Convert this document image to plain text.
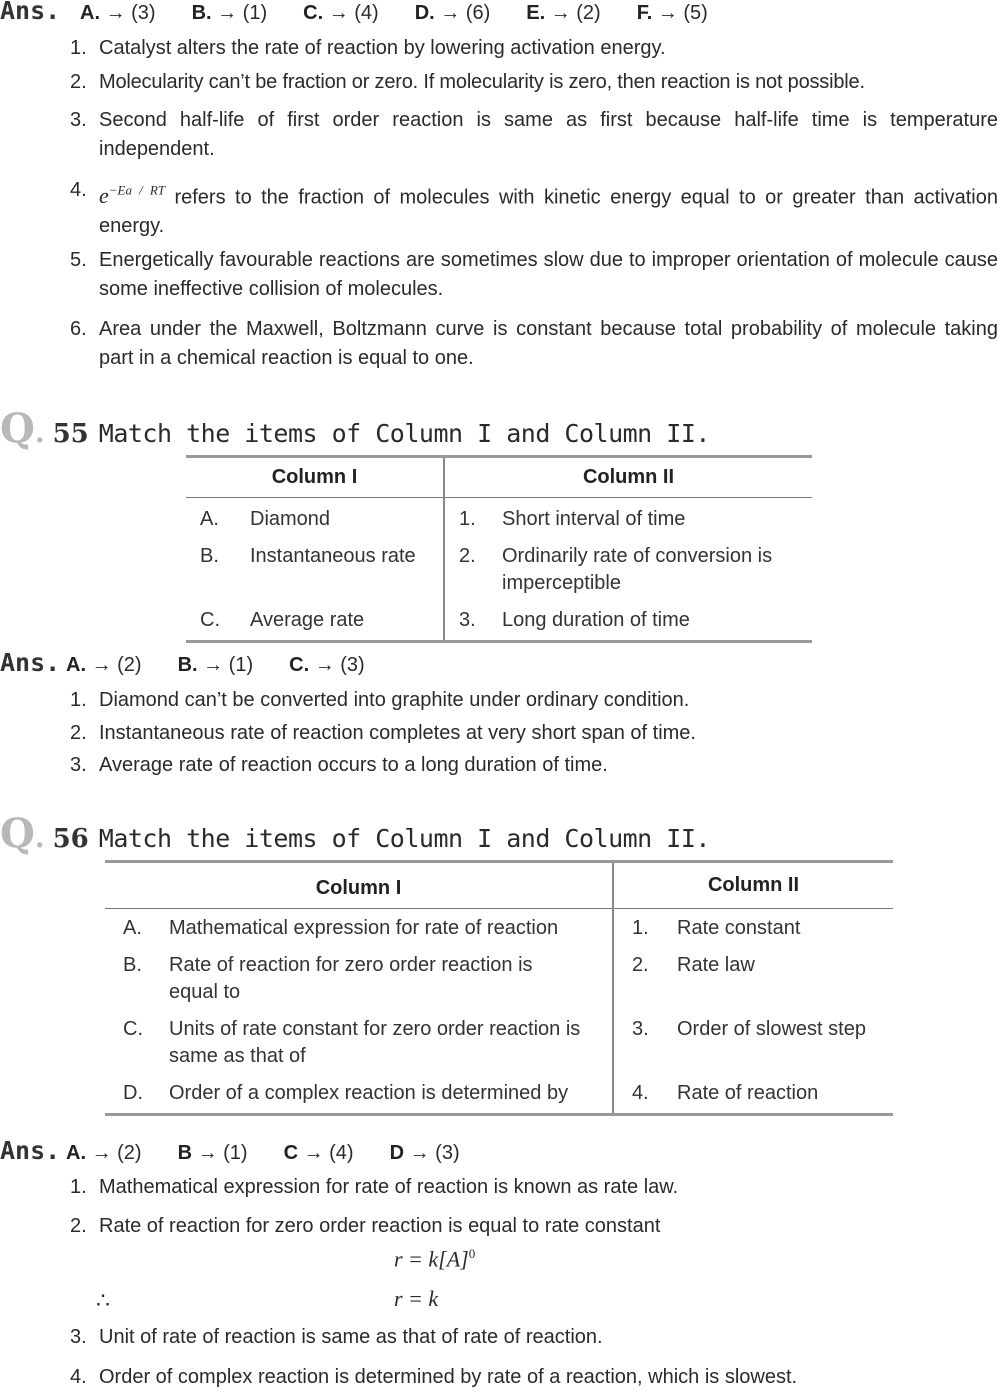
Ans. A. → (3) B. → (1) C. → (4) D. → (6) E. → (2) F. → (5)
1. Catalyst alters the rate of reaction by lowering activation energy.
2. Molecularity can’t be fraction or zero. If molecularity is zero, then reaction is not possible.
3. Second half-life of first order reaction is same as first because half-life time is temperature independent.
4. $e^{-Ea / RT}$ refers to the fraction of molecules with kinetic energy equal to or greater than activation energy.
5. Energetically favourable reactions are sometimes slow due to improper orientation of molecule cause some ineffective collision of molecules.
6. Area under the Maxwell, Boltzmann curve is constant because total probability of molecule taking part in a chemical reaction is equal to one.
Q . 55 Match the items of Column I and Column II.
Column I		Column II	
A.	Diamond	1.	Short interval of time
B.	Instantaneous rate	2.	Ordinarily rate of conversion is imperceptible
C.	Average rate	3.	Long duration of time
Ans. A. → (2) B. → (1) C. → (3)
1. Diamond can’t be converted into graphite under ordinary condition.
2. Instantaneous rate of reaction completes at very short span of time.
3. Average rate of reaction occurs to a long duration of time.
Q . 56 Match the items of Column I and Column II.
Column I		Column II	
A.	Mathematical expression for rate of reaction	1.	Rate constant
B.	Rate of reaction for zero order reaction is equal to	2.	Rate law
C.	Units of rate constant for zero order reaction is same as that of	3.	Order of slowest step
D.	Order of a complex reaction is determined by	4.	Rate of reaction
Ans. A. → (2) B → (1) C → (4) D → (3)
1. Mathematical expression for rate of reaction is known as rate law.
2. Rate of reaction for zero order reaction is equal to rate constant
3. Unit of rate of reaction is same as that of rate of reaction.
4. Order of complex reaction is determined by rate of a reaction, which is slowest.
$r = k[A]^0$
∴	r = k
